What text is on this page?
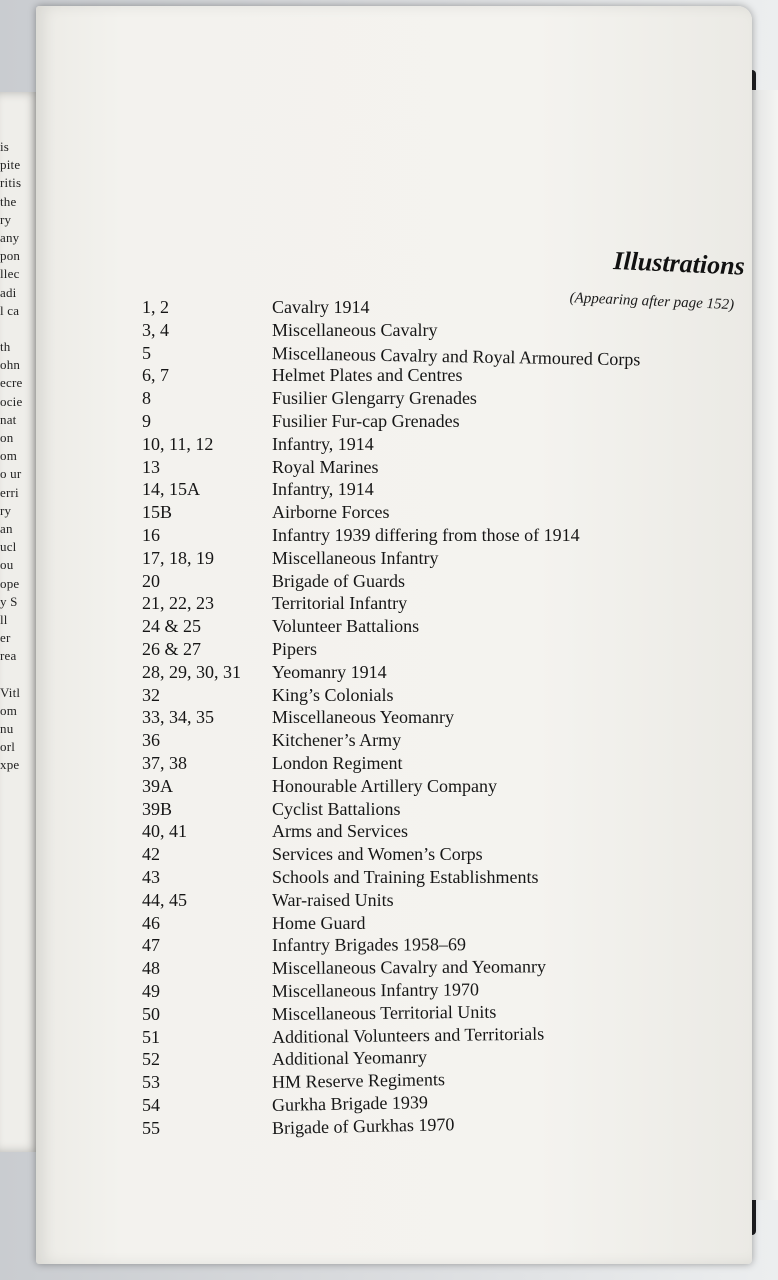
is
pite
ritis
the
ry
any
pon
llec
adi
l ca
th
ohn
ecre
ocie
nat
on
om
o ur
erri
ry
an
ucl
ou
ope
y S
ll
er
rea
Vitl
om
nu
orl
xpe

Illustrations
(Appearing after page 152)
1, 2	Cavalry 1914
3, 4	Miscellaneous Cavalry
5	Miscellaneous Cavalry and Royal Armoured Corps
6, 7	Helmet Plates and Centres
8	Fusilier Glengarry Grenades
9	Fusilier Fur-cap Grenades
10, 11, 12	Infantry, 1914
13	Royal Marines
14, 15A	Infantry, 1914
15B	Airborne Forces
16	Infantry 1939 differing from those of 1914
17, 18, 19	Miscellaneous Infantry
20	Brigade of Guards
21, 22, 23	Territorial Infantry
24 & 25	Volunteer Battalions
26 & 27	Pipers
28, 29, 30, 31 Yeomanry 1914
32	King’s Colonials
33, 34, 35	Miscellaneous Yeomanry
36	Kitchener’s Army
37, 38	London Regiment
39A	Honourable Artillery Company
39B	Cyclist Battalions
40, 41	Arms and Services
42	Services and Women’s Corps
43	Schools and Training Establishments
44, 45	War-raised Units
46	Home Guard
47	Infantry Brigades 1958–69
48	Miscellaneous Cavalry and Yeomanry
49	Miscellaneous Infantry 1970
50	Miscellaneous Territorial Units
51	Additional Volunteers and Territorials
52	Additional Yeomanry
53	HM Reserve Regiments
54	Gurkha Brigade 1939
55	Brigade of Gurkhas 1970
